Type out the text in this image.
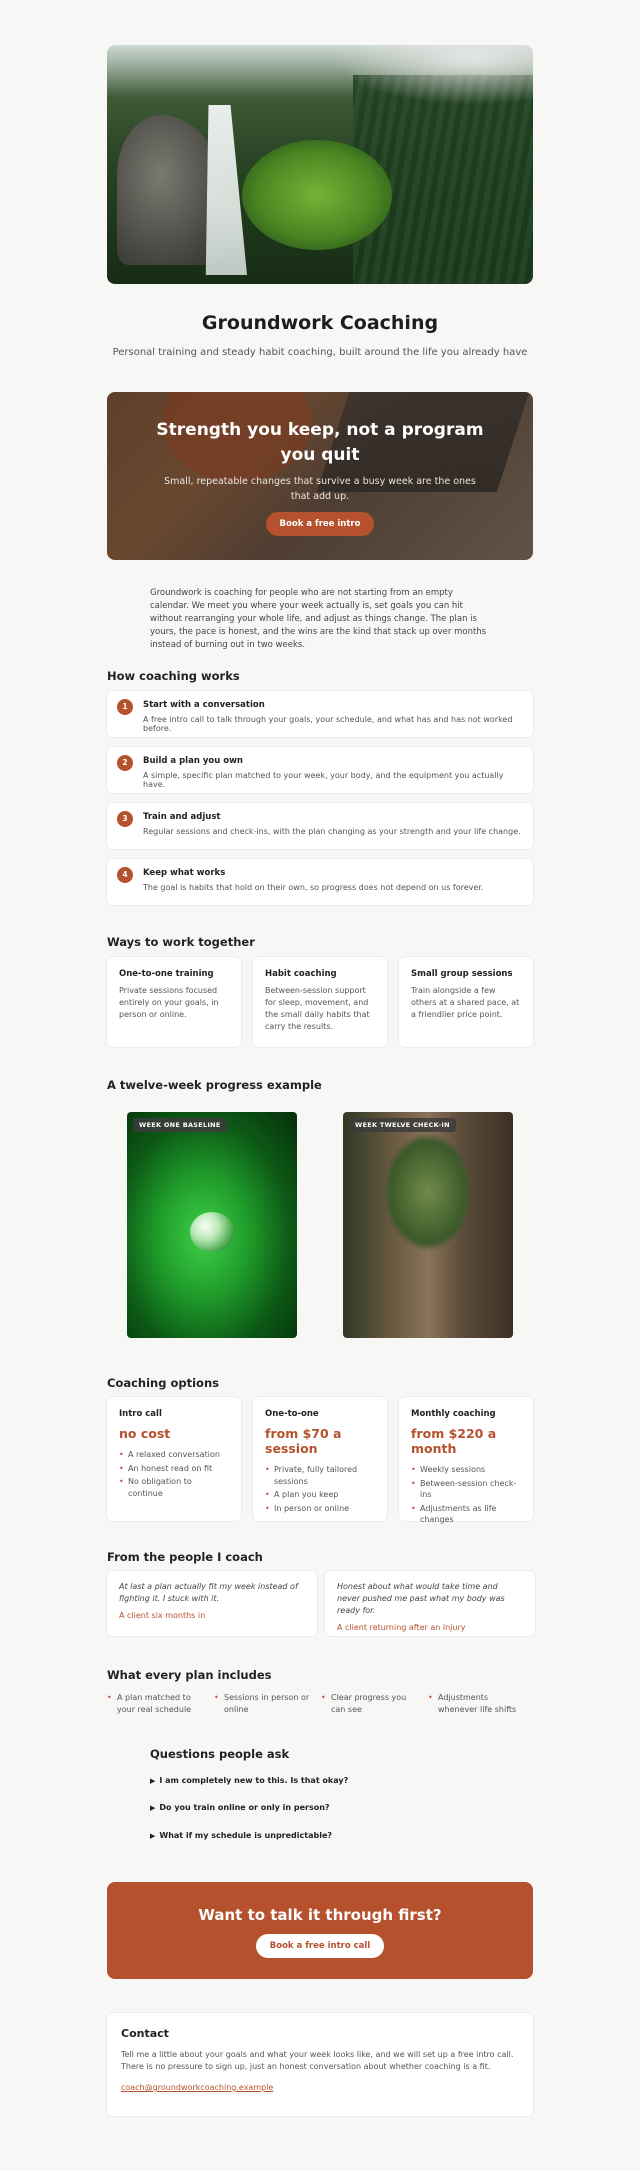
Groundwork Coaching
Personal training and steady habit coaching, built around the life you already have
Strength you keep, not a program you quit

Small, repeatable changes that survive a busy week are the ones that add up.

Book a free intro

Groundwork is coaching for people who are not starting from an empty calendar. We meet you where your week actually is, set goals you can hit without rearranging your whole life, and adjust as things change. The plan is yours, the pace is honest, and the wins are the kind that stack up over months instead of burning out in two weeks.

How coaching works
1	Start with a conversation
A free intro call to talk through your goals, your schedule, and what has and has not worked before.
2	Build a plan you own
A simple, specific plan matched to your week, your body, and the equipment you actually have.
3	Train and adjust
Regular sessions and check-ins, with the plan changing as your strength and your life change.
4	Keep what works
The goal is habits that hold on their own, so progress does not depend on us forever.
Ways to work together
One-to-one training
Private sessions focused entirely on your goals, in person or online.
Habit coaching
Between-session support for sleep, movement, and the small daily habits that carry the results.
Small group sessions
Train alongside a few others at a shared pace, at a friendlier price point.
A twelve-week progress example
WEEK ONE BASELINE	WEEK TWELVE CHECK-IN
Coaching options
Intro call
no cost
• A relaxed conversation
• An honest read on fit
• No obligation to continue
One-to-one
from $70 a session
• Private, fully tailored sessions
• A plan you keep
• In person or online
Monthly coaching
from $220 a month
• Weekly sessions
• Between-session check-ins
• Adjustments as life changes
From the people I coach
At last a plan actually fit my week instead of fighting it. I stuck with it.
A client six months in
Honest about what would take time and never pushed me past what my body was ready for.
A client returning after an injury
What every plan includes
• A plan matched to your real schedule
• Sessions in person or online
• Clear progress you can see
• Adjustments whenever life shifts
Questions people ask
▶ I am completely new to this. Is that okay?
▶ Do you train online or only in person?
▶ What if my schedule is unpredictable?
Want to talk it through first?
Book a free intro call
Contact

Tell me a little about your goals and what your week looks like, and we will set up a free intro call. There is no pressure to sign up, just an honest conversation about whether coaching is a fit.

coach@groundworkcoaching.example
